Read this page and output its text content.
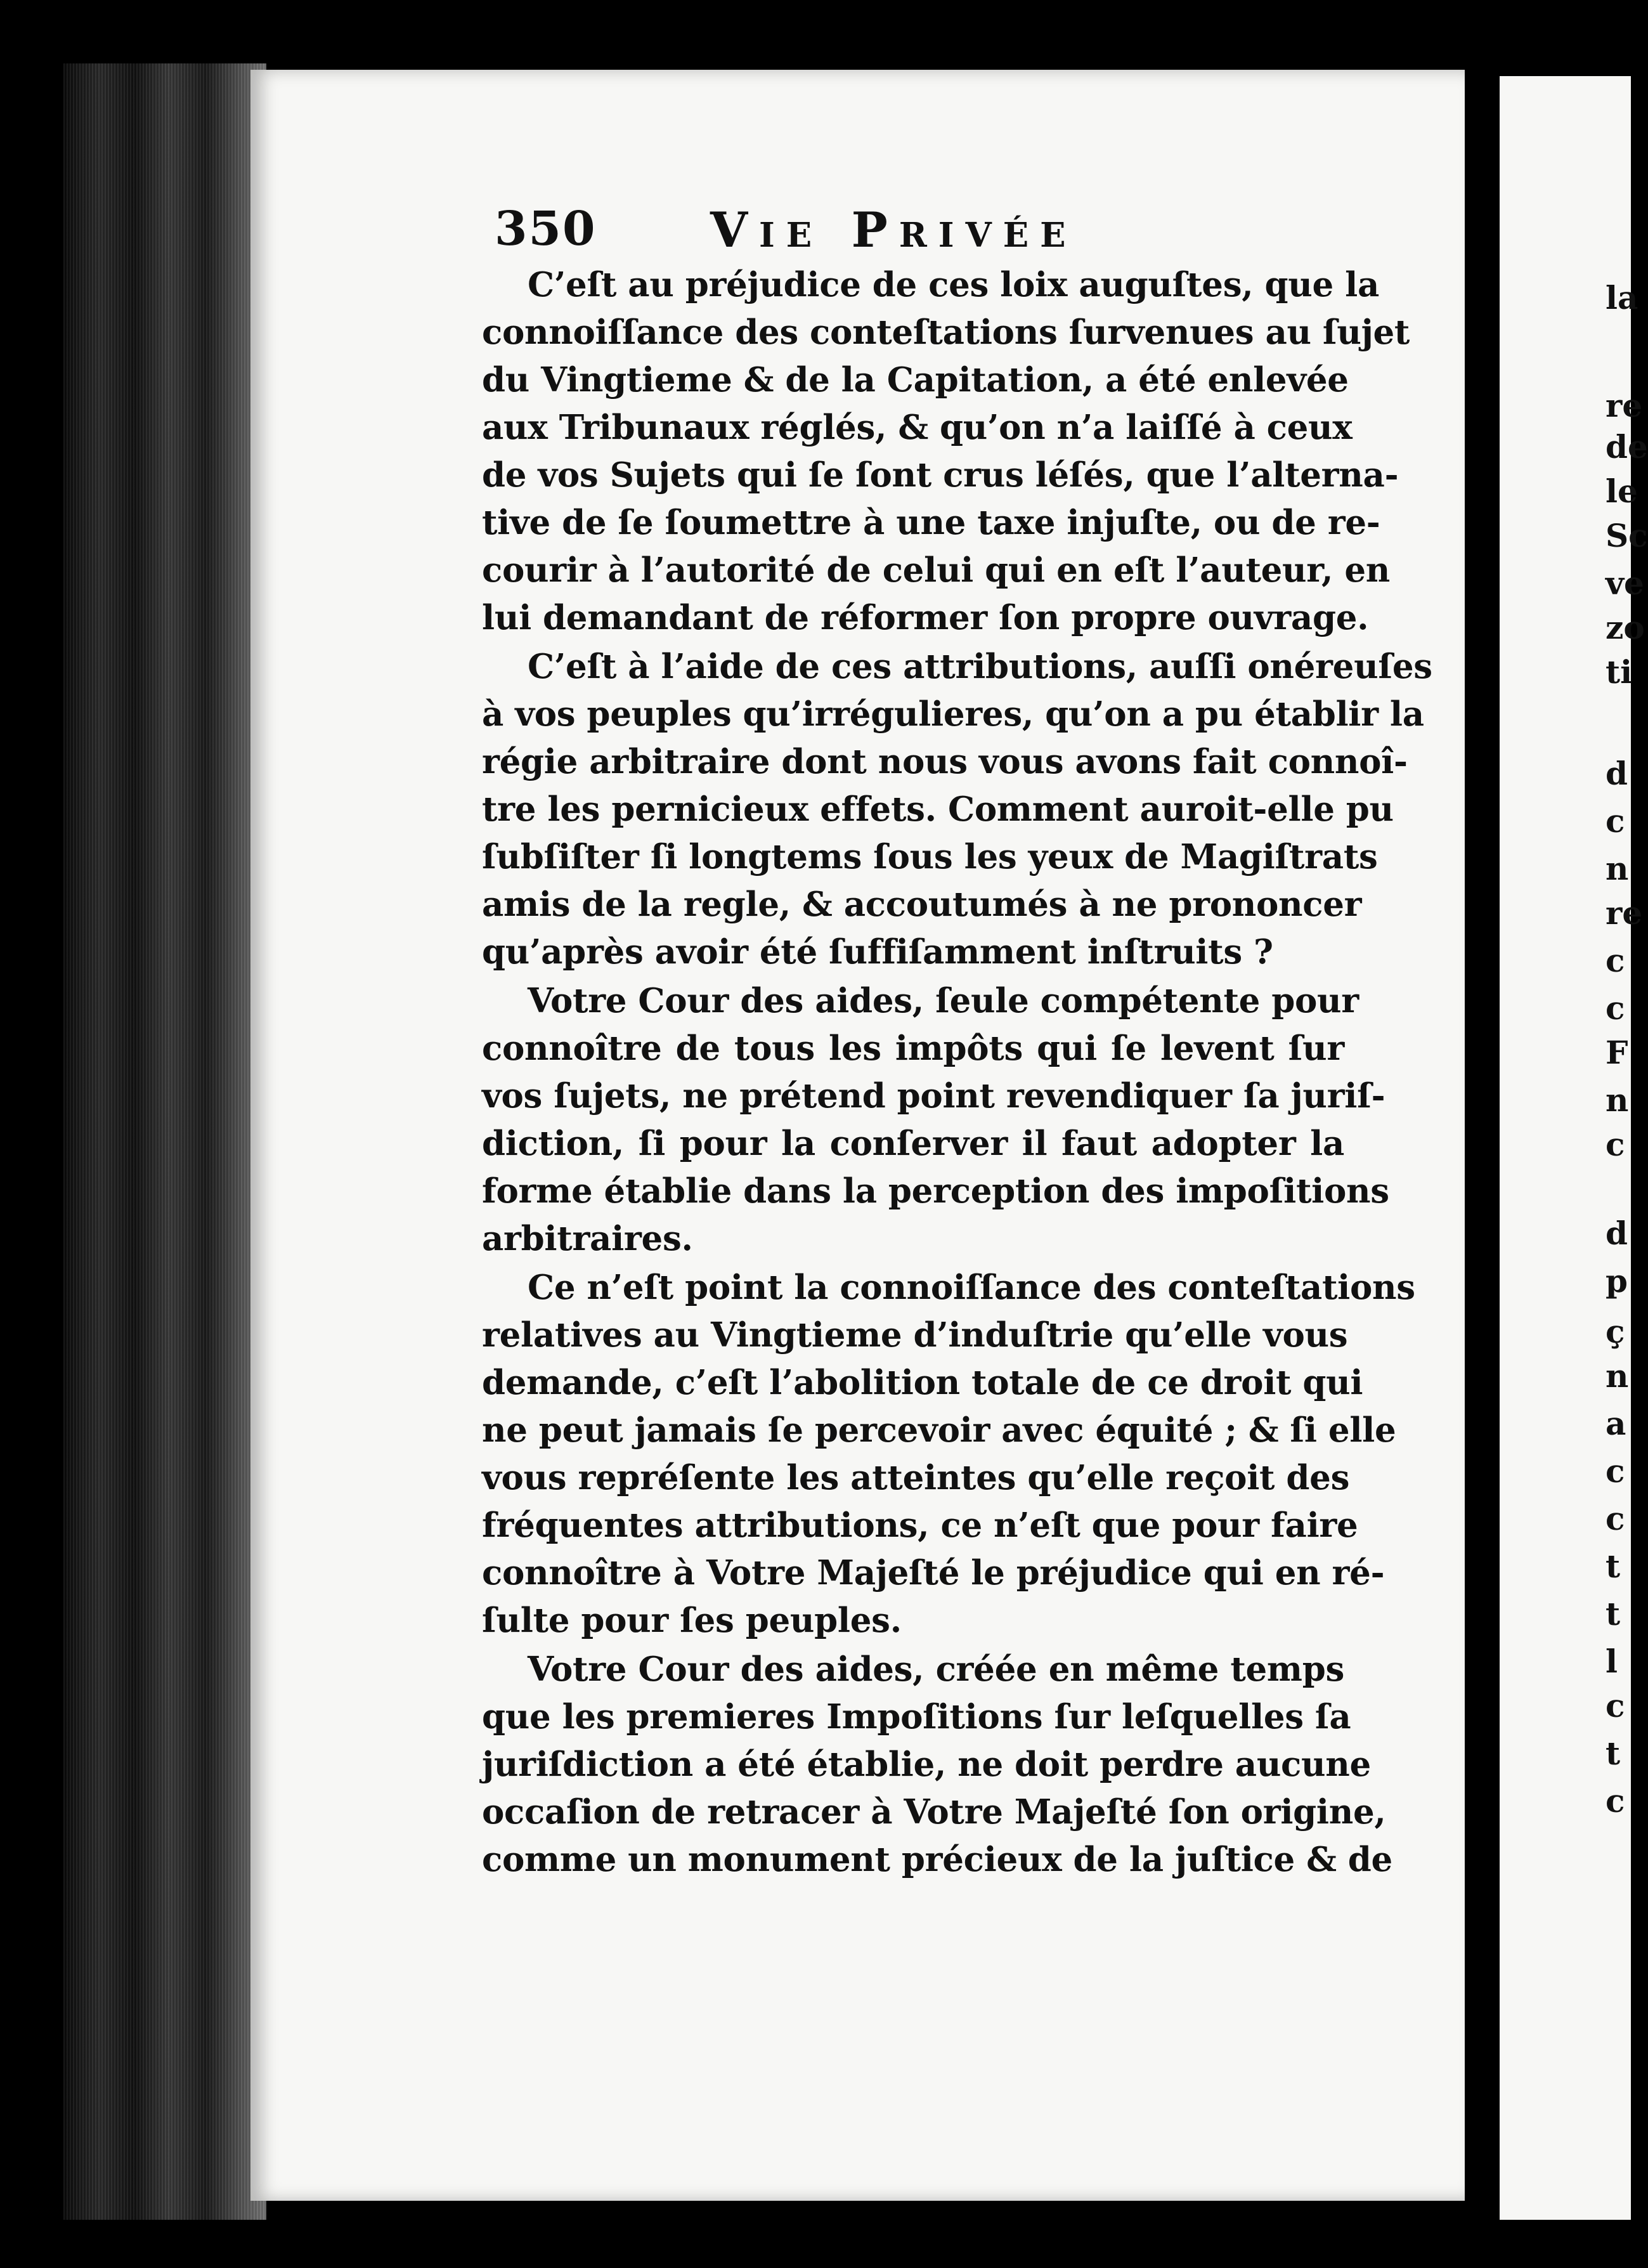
350 Vie Privée
C’eſt au préjudice de ces loix auguſtes, que la
connoiſſance des conteſtations ſurvenues au ſujet
du Vingtieme & de la Capitation, a été enlevée
aux Tribunaux réglés, & qu’on n’a laiſſé à ceux
de vos Sujets qui ſe ſont crus léſés, que l’alterna-
tive de ſe ſoumettre à une taxe injuſte, ou de re-
courir à l’autorité de celui qui en eſt l’auteur, en
lui demandant de réformer ſon propre ouvrage.
C’eſt à l’aide de ces attributions, auſſi onéreuſes
à vos peuples qu’irrégulieres, qu’on a pu établir la
régie arbitraire dont nous vous avons fait connoî-
tre les pernicieux effets. Comment auroit-elle pu
ſubſiſter ſi longtems ſous les yeux de Magiſtrats
amis de la regle, & accoutumés à ne prononcer
qu’après avoir été ſuffiſamment inſtruits ?
Votre Cour des aides, ſeule compétente pour
connoître de tous les impôts qui ſe levent ſur
vos ſujets, ne prétend point revendiquer ſa juriſ-
diction, ſi pour la conſerver il faut adopter la
forme établie dans la perception des impoſitions
arbitraires.
Ce n’eſt point la connoiſſance des conteſtations
relatives au Vingtieme d’induſtrie qu’elle vous
demande, c’eſt l’abolition totale de ce droit qui
ne peut jamais ſe percevoir avec équité ; & ſi elle
vous repréſente les atteintes qu’elle reçoit des
fréquentes attributions, ce n’eſt que pour faire
connoître à Votre Majeſté le préjudice qui en ré-
ſulte pour ſes peuples.
Votre Cour des aides, créée en même temps
que les premieres Impoſitions ſur leſquelles ſa
juriſdiction a été établie, ne doit perdre aucune
occaſion de retracer à Votre Majeſté ſon origine,
comme un monument précieux de la juſtice & de
la
re
de
le
Sc
ve
zo
ti
d
c
n
re
c
c
F
n
c
d
p
ç
n
a
c
c
t
t
l
c
t
c
